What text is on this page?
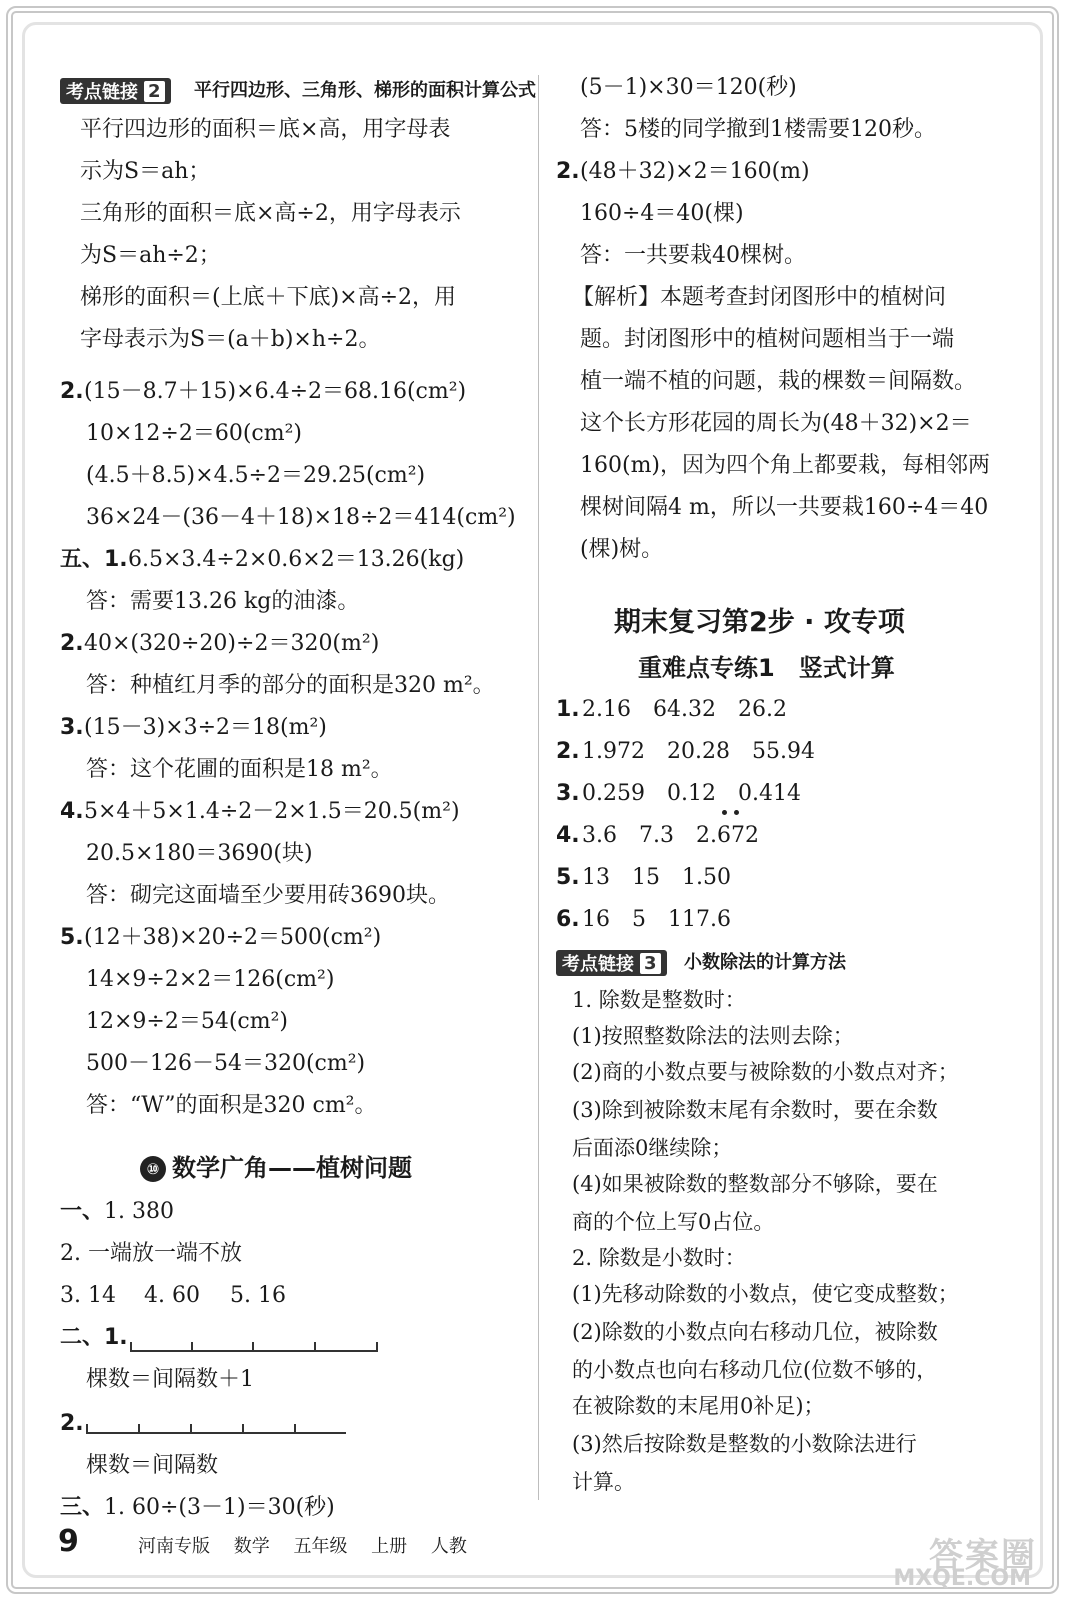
考点链接 2 平行四边形、三角形、梯形的面积计算公式
平行四边形的面积＝底×高，用字母表
示为S＝ah；
三角形的面积＝底×高÷2，用字母表示
为S＝ah÷2；
梯形的面积＝(上底＋下底)×高÷2，用
字母表示为S＝(a＋b)×h÷2。
2. (15－8.7＋15)×6.4÷2＝68.16(cm²)
10×12÷2＝60(cm²)
(4.5＋8.5)×4.5÷2＝29.25(cm²)
36×24－(36－4＋18)×18÷2＝414(cm²)
五、 1. 6.5×3.4÷2×0.6×2＝13.26(kg)
答：需要13.26 kg的油漆。
2. 40×(320÷20)÷2＝320(m²)
答：种植红月季的部分的面积是320 m²。
3. (15－3)×3÷2＝18(m²)
答：这个花圃的面积是18 m²。
4. 5×4＋5×1.4÷2－2×1.5＝20.5(m²)
20.5×180＝3690(块)
答：砌完这面墙至少要用砖3690块。
5. (12＋38)×20÷2＝500(cm²)
14×9÷2×2＝126(cm²)
12×9÷2＝54(cm²)
500－126－54＝320(cm²)
答：“W”的面积是320 cm²。
⑩ 数学广角——植树问题
一、 1. 380
2. 一端放一端不放
3. 14 4. 60 5. 16
二、 1.
棵数＝间隔数＋1
2.
棵数＝间隔数
三、 1. 60÷(3－1)＝30(秒)
(5－1)×30＝120(秒)
答：5楼的同学撤到1楼需要120秒。
2. (48＋32)×2＝160(m)
160÷4＝40(棵)
答：一共要栽40棵树。
【解析】本题考查封闭图形中的植树问
题。封闭图形中的植树问题相当于一端
植一端不植的问题，栽的棵数＝间隔数。
这个长方形花园的周长为(48＋32)×2＝
160(m)，因为四个角上都要栽，每相邻两
棵树间隔4 m，所以一共要栽160÷4＝40
(棵)树。
期末复习第2步 · 攻专项
重难点专练1　竖式计算
1. 2.16　64.32　26.2
2. 1.972　20.28　55.94
3. 0.259　0.12　0.414
4. 3.6　7.3　2.672
5. 13　15　1.50
6. 16　5　117.6
考点链接 3 小数除法的计算方法
1. 除数是整数时：
(1)按照整数除法的法则去除；
(2)商的小数点要与被除数的小数点对齐；
(3)除到被除数末尾有余数时，要在余数
后面添0继续除；
(4)如果被除数的整数部分不够除，要在
商的个位上写0占位。
2. 除数是小数时：
(1)先移动除数的小数点，使它变成整数；
(2)除数的小数点向右移动几位，被除数
的小数点也向右移动几位(位数不够的，
在被除数的末尾用0补足)；
(3)然后按除数是整数的小数除法进行
计算。
9	河南专版 数学 五年级 上册 人教	答案圈
MXQE.COM
